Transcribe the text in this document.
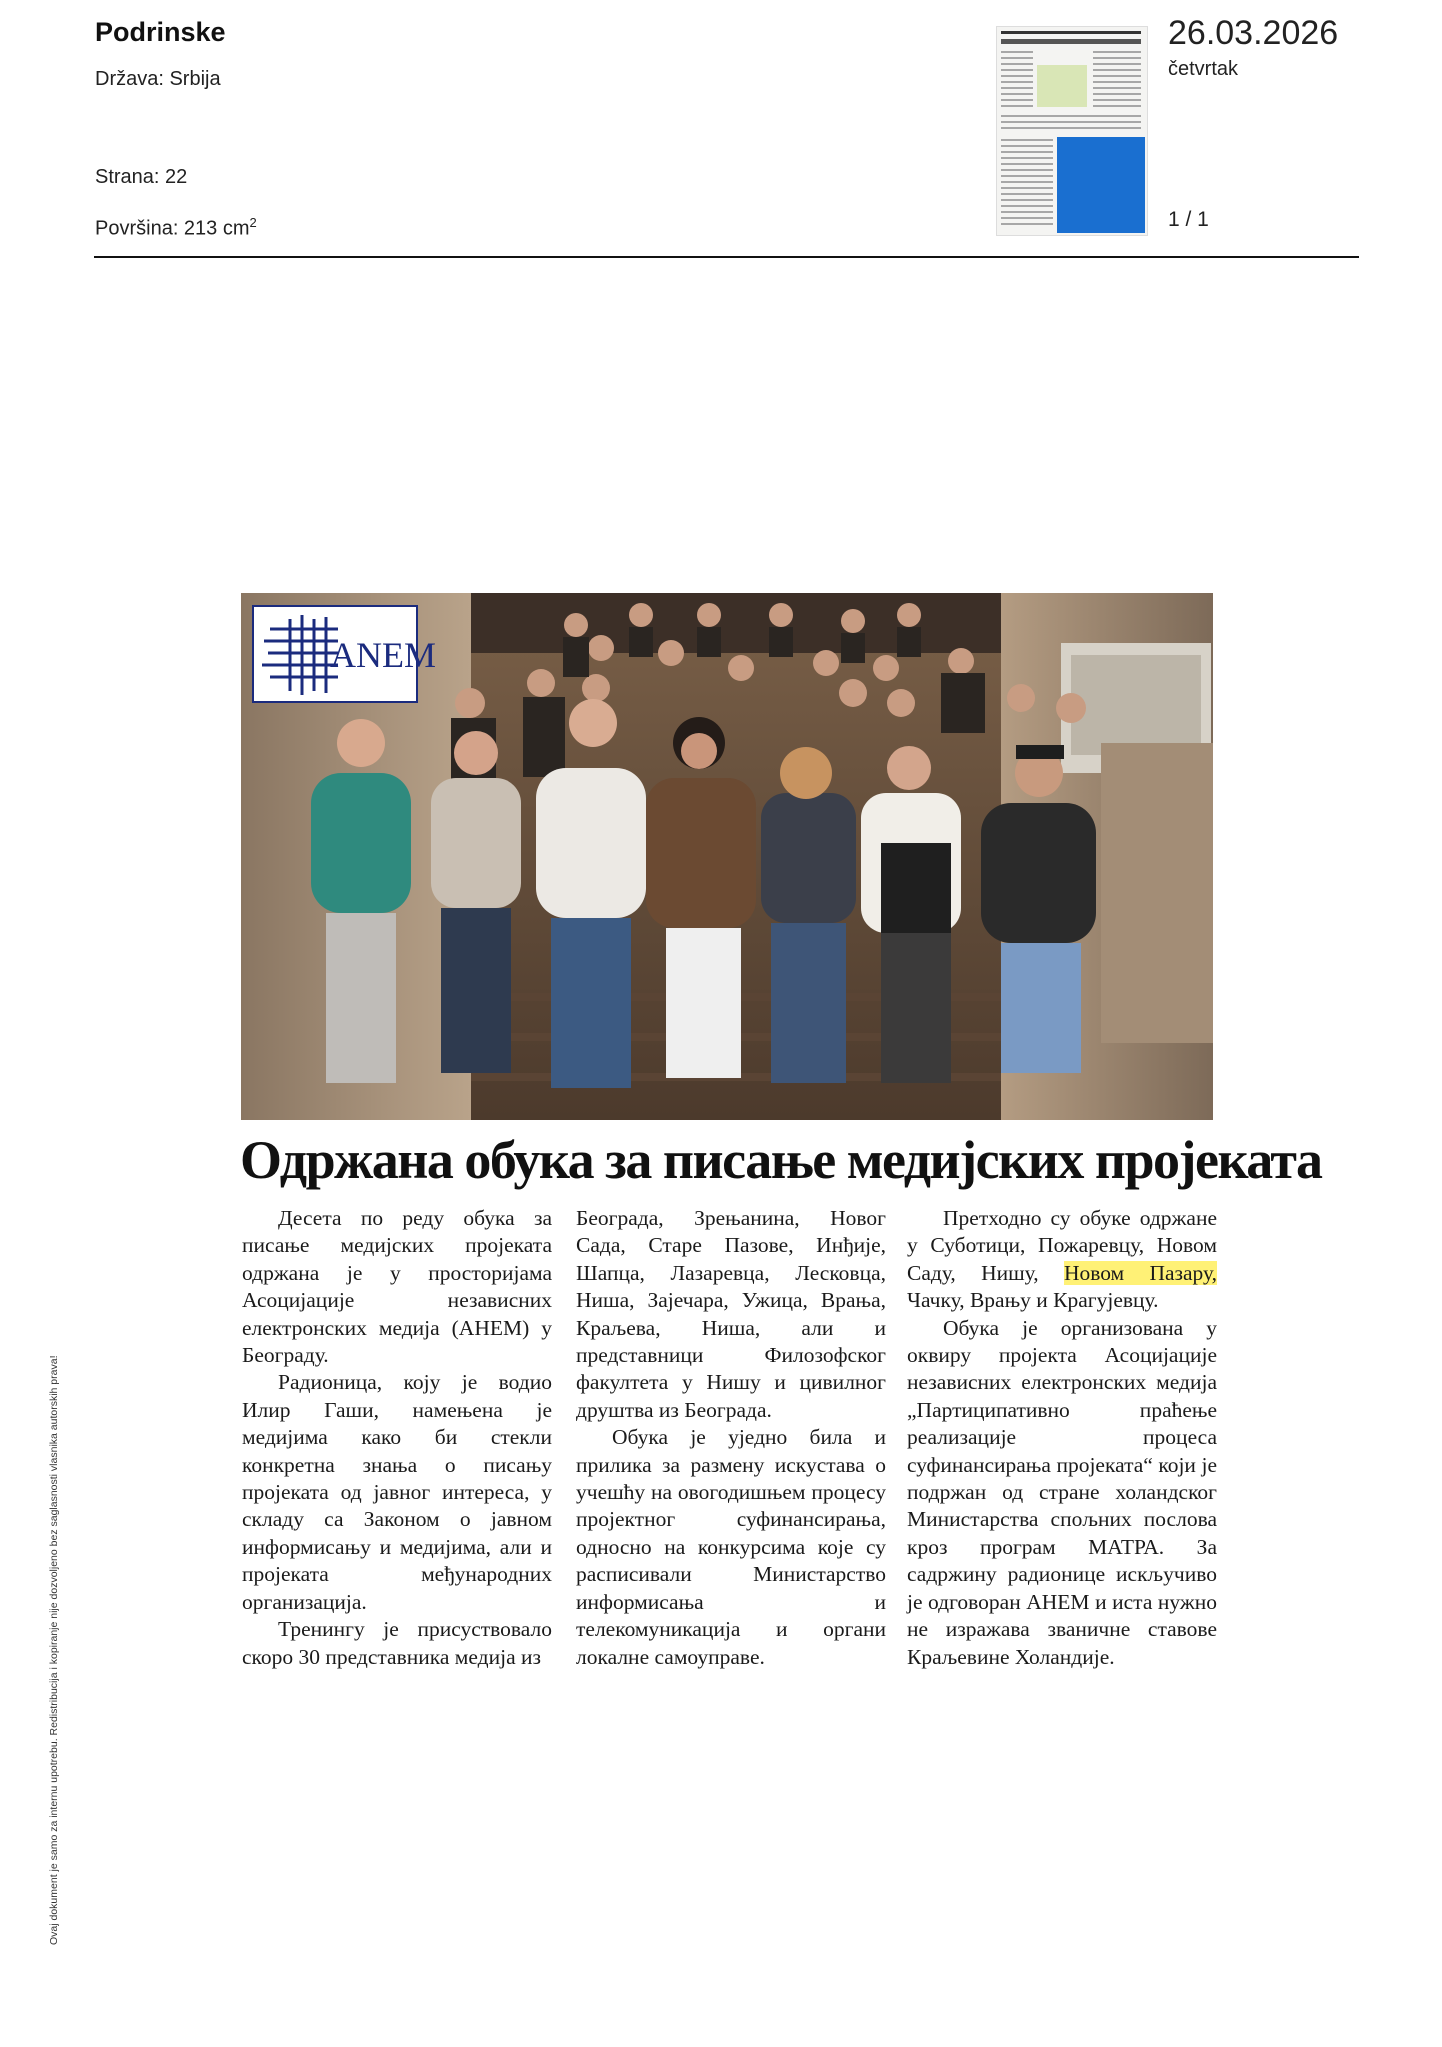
Podrinske
Država: Srbija
Strana: 22
Površina: 213 $cm^2$
26.03.2026
četvrtak
1 / 1
ANEM
Одржана обука за писање медијских пројеката

Десета по реду обука за писање медијских пројеката одржана је у просторијама Асоцијације независних електронских медија (АНЕМ) у Београду.

Радионица, коју је водио Илир Гаши, намењена је медијима како би стекли конкретна знања о писању пројеката од јавног интереса, у складу са Законом о јавном информисању и медијима, али и пројеката међународних организација.

Тренингу је присуствовало скоро 30 представника медија из

Београда, Зрењанина, Новог Сада, Старе Пазове, Инђије, Шапца, Лазаревца, Лесковца, Ниша, Зајечара, Ужица, Врања, Краљева, Ниша, али и представници Филозофског факултета у Нишу и цивилног друштва из Београда.

Обука је уједно била и прилика за размену искустава о учешћу на овогодишњем процесу пројектног суфинансирања, односно на конкурсима које су расписивали Министарство информисања и телекомуникација и органи локалне самоуправе.

Претходно су обуке одржане у Суботици, Пожаревцу, Новом Саду, Нишу, Новом Пазару, Чачку, Врању и Крагујевцу.

Обука је организована у оквиру пројекта Асоцијације независних електронских медија „Партиципативно праћење реализације процеса суфинансирања пројеката“ који је подржан од стране холандског Министарства спољних послова кроз програм МАТРА. За садржину радионице искључиво је одговоран АНЕМ и иста нужно не изражава званичне ставове Краљевине Холандије.

Ovaj dokument je samo za internu upotrebu. Redistribucija i kopiranje nije dozvoljeno bez saglasnosti vlasnika autorskih prava!
